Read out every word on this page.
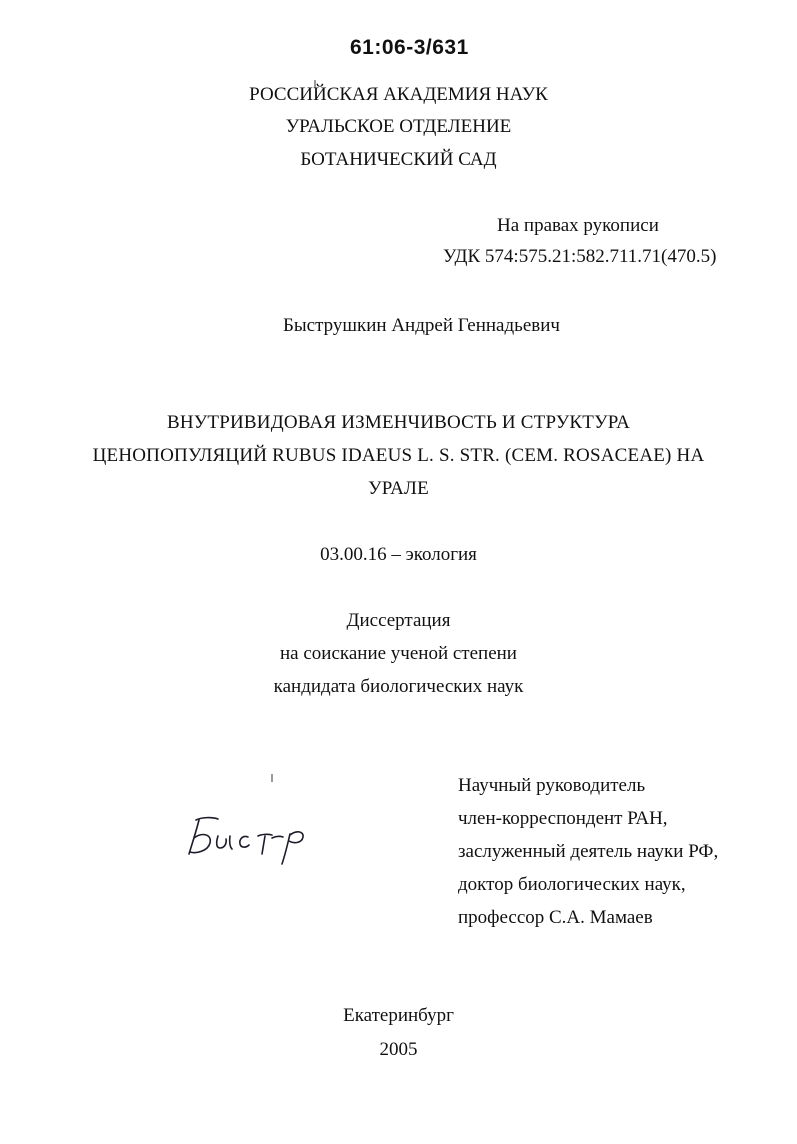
61:06-3/631
РОССИЙСКАЯ АКАДЕМИЯ НАУК
УРАЛЬСКОЕ ОТДЕЛЕНИЕ
БОТАНИЧЕСКИЙ САД
На правах рукописи
УДК 574:575.21:582.711.71(470.5)
Быструшкин Андрей Геннадьевич
ВНУТРИВИДОВАЯ ИЗМЕНЧИВОСТЬ И СТРУКТУРА
ЦЕНОПОПУЛЯЦИЙ RUBUS IDAEUS L. S. STR. (СЕМ. ROSACEAE) НА
УРАЛЕ
03.00.16 – экология
Диссертация
на соискание ученой степени
кандидата биологических наук
Научный руководитель
член-корреспондент РАН,
заслуженный деятель науки РФ,
доктор биологических наук,
профессор С.А. Мамаев
Екатеринбург
2005
